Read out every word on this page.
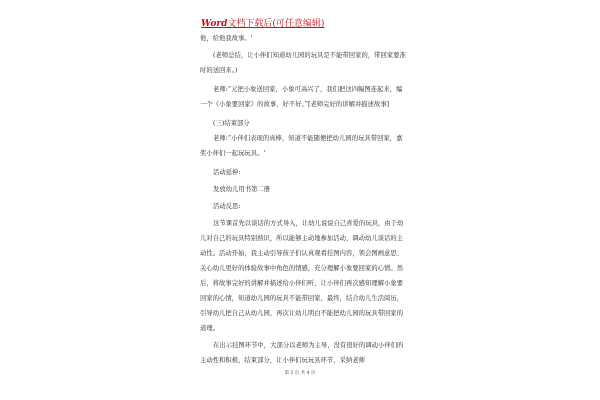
Word文档下载后(可任意编辑)

他，给他我故事。'

(老师总结，让小伴们知道幼儿园的玩具是不能带回家的，带回家要准时的送回来。)

老师:“元把小象送回家，小象可高兴了，我们把这四幅图连起来，编一个《小象要回家》的故事，好不好。”[老师完好的讲解并描述故事]

(三)结束部分

老师:“小伴们表现的真棒，知道不能随便把幼儿园的玩具带回家，嘉奖小伴们一起玩玩具。'

活动延伸:

发放幼儿用书第二册

活动反思:

这节课首先以谈话的方式导入，让幼儿说说自己喜爱的玩具，由于幼儿对自己的玩具特别熟识，所以能够主动地参加活动，调动幼儿谈话的主动性。活动开始，我主动引导孩子们认真观看挂图内容，领会图画意思、关心幼儿更好的体验故事中角色的情感，充分理解小象要回家的心情。然后，将故事完好的讲解并描述给小伴们听，让小伴们再次感知理解小象要回家的心情，知道幼儿园的玩具不能带回家，最终，结合幼儿生活阅历，引导幼儿把自己从幼儿园，再次让幼儿明白不能把幼儿园的玩具带回家的道理。

在出示挂图环节中，大部分以老师为主导，没有很好的调动小伴们的主动性和积极，结束部分，让小伴们玩玩具环节，采纳老师

第 3 页 共 4 页
